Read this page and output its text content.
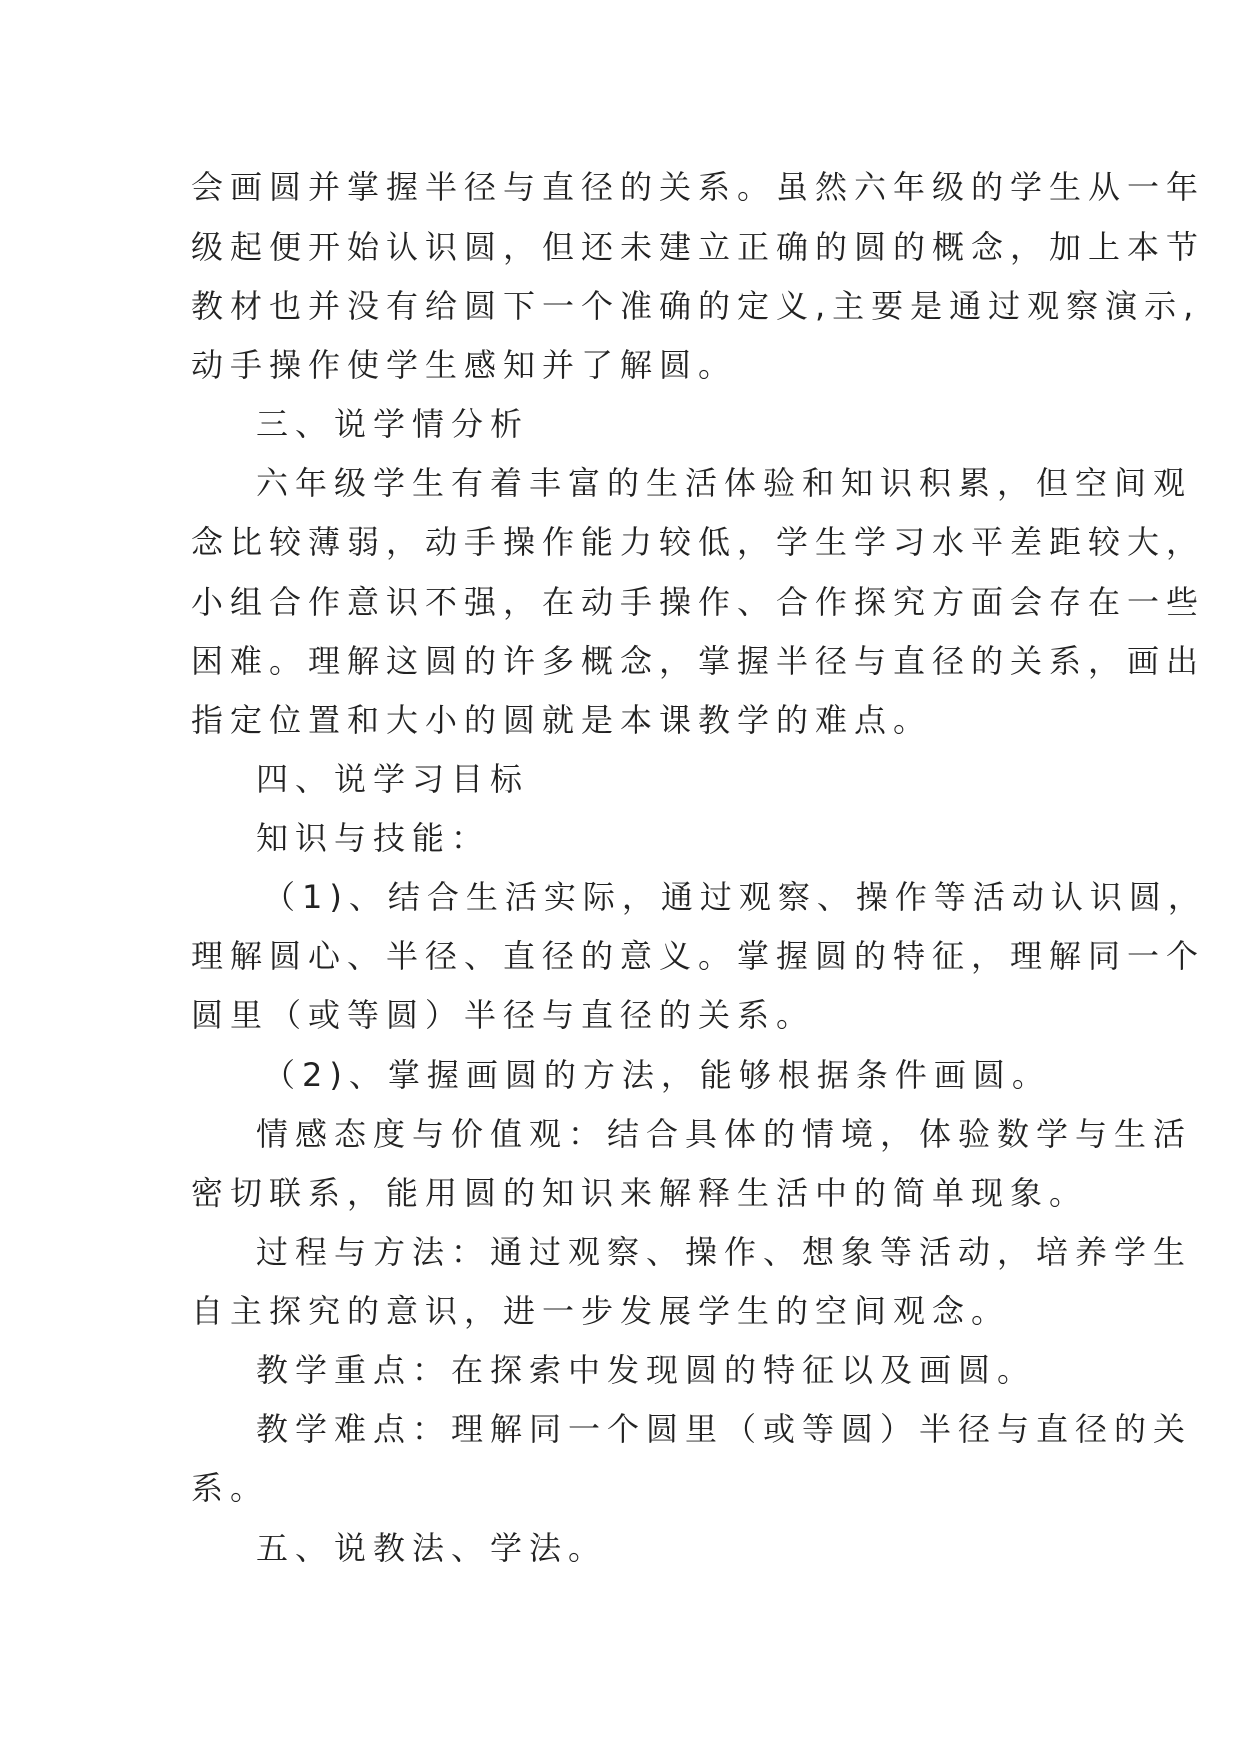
会画圆并掌握半径与直径的关系。虽然六年级的学生从一年
级起便开始认识圆，但还未建立正确的圆的概念，加上本节
教材也并没有给圆下一个准确的定义,主要是通过观察演示,
动手操作使学生感知并了解圆。
三、说学情分析
六年级学生有着丰富的生活体验和知识积累，但空间观
念比较薄弱，动手操作能力较低，学生学习水平差距较大，
小组合作意识不强，在动手操作、合作探究方面会存在一些
困难。理解这圆的许多概念，掌握半径与直径的关系，画出
指定位置和大小的圆就是本课教学的难点。
四、说学习目标
知识与技能：
（1)、结合生活实际，通过观察、操作等活动认识圆，
理解圆心、半径、直径的意义。掌握圆的特征，理解同一个
圆里（或等圆）半径与直径的关系。
（2)、掌握画圆的方法，能够根据条件画圆。
情感态度与价值观：结合具体的情境，体验数学与生活
密切联系，能用圆的知识来解释生活中的简单现象。
过程与方法：通过观察、操作、想象等活动，培养学生
自主探究的意识，进一步发展学生的空间观念。
教学重点：在探索中发现圆的特征以及画圆。
教学难点：理解同一个圆里（或等圆）半径与直径的关
系。
五、说教法、学法。
